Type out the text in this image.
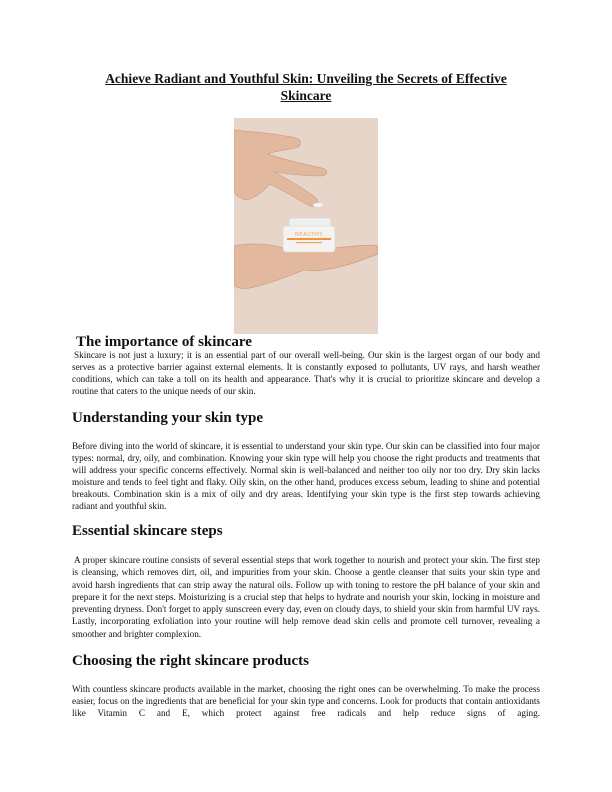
Achieve Radiant and Youthful Skin: Unveiling the Secrets of Effective Skincare
NEAUTHY
The importance of skincare

Skincare is not just a luxury; it is an essential part of our overall well-being. Our skin is the largest organ of our body and serves as a protective barrier against external elements. It is constantly exposed to pollutants, UV rays, and harsh weather conditions, which can take a toll on its health and appearance. That's why it is crucial to prioritize skincare and develop a routine that caters to the unique needs of our skin.

Understanding your skin type

Before diving into the world of skincare, it is essential to understand your skin type. Our skin can be classified into four major types: normal, dry, oily, and combination. Knowing your skin type will help you choose the right products and treatments that will address your specific concerns effectively. Normal skin is well-balanced and neither too oily nor too dry. Dry skin lacks moisture and tends to feel tight and flaky. Oily skin, on the other hand, produces excess sebum, leading to shine and potential breakouts. Combination skin is a mix of oily and dry areas. Identifying your skin type is the first step towards achieving radiant and youthful skin.

Essential skincare steps

A proper skincare routine consists of several essential steps that work together to nourish and protect your skin. The first step is cleansing, which removes dirt, oil, and impurities from your skin. Choose a gentle cleanser that suits your skin type and avoid harsh ingredients that can strip away the natural oils. Follow up with toning to restore the pH balance of your skin and prepare it for the next steps. Moisturizing is a crucial step that helps to hydrate and nourish your skin, locking in moisture and preventing dryness. Don't forget to apply sunscreen every day, even on cloudy days, to shield your skin from harmful UV rays. Lastly, incorporating exfoliation into your routine will help remove dead skin cells and promote cell turnover, revealing a smoother and brighter complexion.

Choosing the right skincare products

With countless skincare products available in the market, choosing the right ones can be overwhelming. To make the process easier, focus on the ingredients that are beneficial for your skin type and concerns. Look for products that contain antioxidants like Vitamin C and E, which protect against free radicals and help reduce signs of aging.
